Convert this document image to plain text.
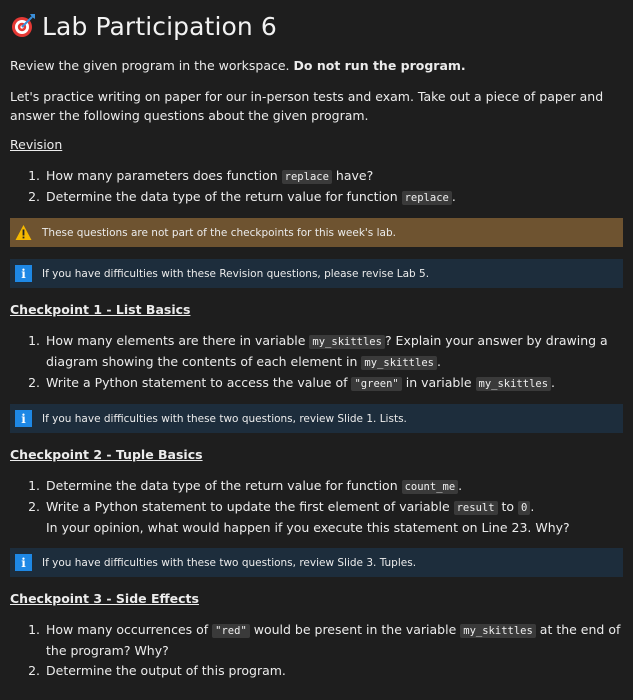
Lab Participation 6

Review the given program in the workspace. Do not run the program.

Let's practice writing on paper for our in-person tests and exam. Take out a piece of paper and answer the following questions about the given program.

Revision
1. How many parameters does function replace have?
2. Determine the data type of the return value for function replace .
These questions are not part of the checkpoints for this week's lab.
i	If you have difficulties with these Revision questions, please revise Lab 5.
Checkpoint 1 - List Basics
1. How many elements are there in variable my_skittles ? Explain your answer by drawing a diagram showing the contents of each element in my_skittles .
2. Write a Python statement to access the value of "green" in variable my_skittles .
i	If you have difficulties with these two questions, review Slide 1. Lists.
Checkpoint 2 - Tuple Basics
1. Determine the data type of the return value for function count_me .
2. Write a Python statement to update the first element of variable result to 0 .
In your opinion, what would happen if you execute this statement on Line 23. Why?
i	If you have difficulties with these two questions, review Slide 3. Tuples.
Checkpoint 3 - Side Effects
1. How many occurrences of "red" would be present in the variable my_skittles at the end of the program? Why?
2. Determine the output of this program.
